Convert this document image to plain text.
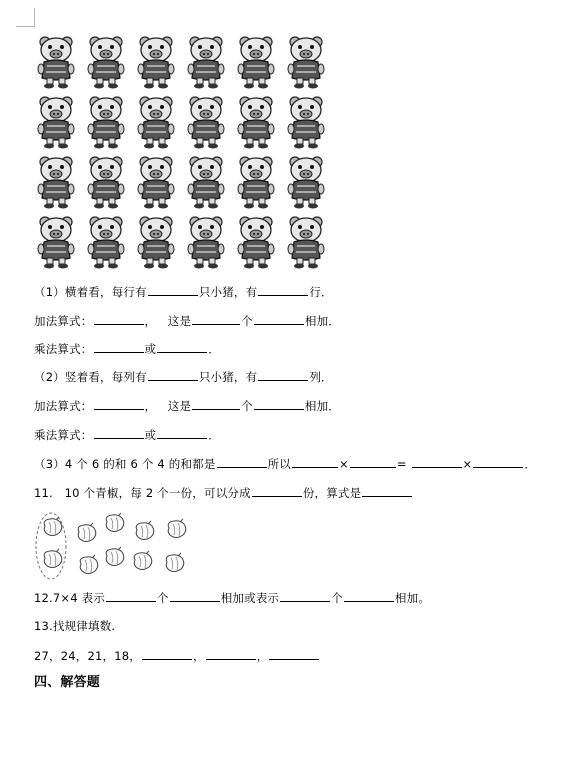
（1）横着看，每行有	只小猪，有	行．
加法算式：	， 这是	个	相加．
乘法算式：	或	．
（2）竖着看，每列有	只小猪，有	列．
加法算式：	， 这是	个	相加．
乘法算式：	或	．
（3）4 个 6 的和 6 个 4 的和都是	所以	×	=	×	．
11.　10 个青椒，每 2 个一份，可以分成	份，算式是
12.7×4 表示	个	相加或表示	个	相加。
13.找规律填数.
27，24，21，18，	，	，
四、解答题
